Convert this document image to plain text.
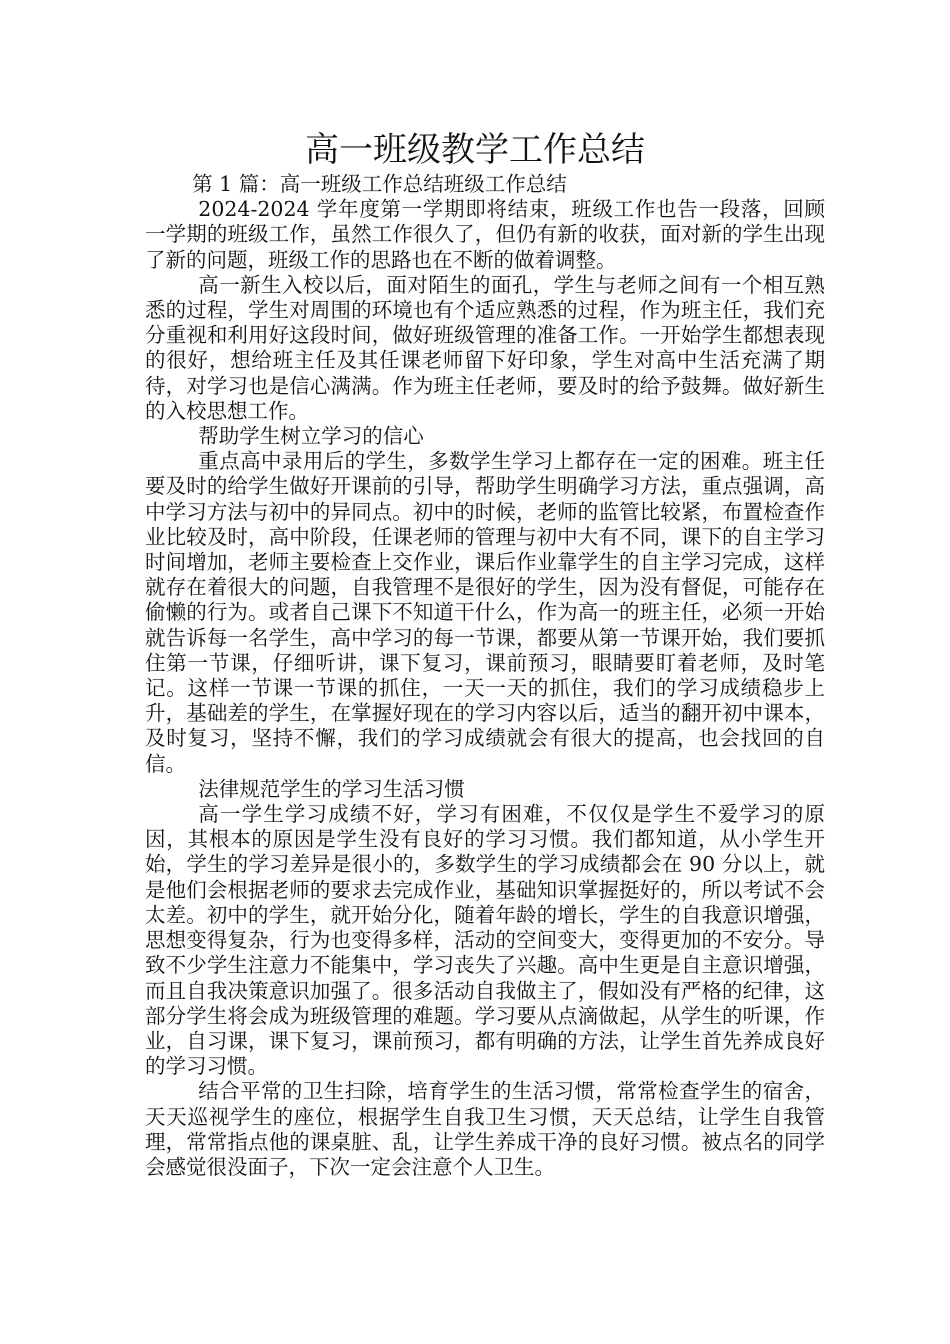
高一班级教学工作总结

第 1 篇：高一班级工作总结班级工作总结

2024-2024 学年度第一学期即将结束，班级工作也告一段落，回顾一学期的班级工作，虽然工作很久了，但仍有新的收获，面对新的学生出现了新的问题，班级工作的思路也在不断的做着调整。

高一新生入校以后，面对陌生的面孔，学生与老师之间有一个相互熟悉的过程，学生对周围的环境也有个适应熟悉的过程，作为班主任，我们充分重视和利用好这段时间，做好班级管理的准备工作。一开始学生都想表现的很好，想给班主任及其任课老师留下好印象，学生对高中生活充满了期待，对学习也是信心满满。作为班主任老师，要及时的给予鼓舞。做好新生的入校思想工作。

帮助学生树立学习的信心

重点高中录用后的学生，多数学生学习上都存在一定的困难。班主任要及时的给学生做好开课前的引导，帮助学生明确学习方法，重点强调，高中学习方法与初中的异同点。初中的时候，老师的监管比较紧，布置检查作业比较及时，高中阶段，任课老师的管理与初中大有不同，课下的自主学习时间增加，老师主要检查上交作业，课后作业靠学生的自主学习完成，这样就存在着很大的问题，自我管理不是很好的学生，因为没有督促，可能存在偷懒的行为。或者自己课下不知道干什么，作为高一的班主任，必须一开始就告诉每一名学生，高中学习的每一节课，都要从第一节课开始，我们要抓住第一节课，仔细听讲，课下复习，课前预习，眼睛要盯着老师，及时笔记。这样一节课一节课的抓住，一天一天的抓住，我们的学习成绩稳步上升，基础差的学生，在掌握好现在的学习内容以后，适当的翻开初中课本，及时复习，坚持不懈，我们的学习成绩就会有很大的提高，也会找回的自信。

法律规范学生的学习生活习惯

高一学生学习成绩不好，学习有困难，不仅仅是学生不爱学习的原因，其根本的原因是学生没有良好的学习习惯。我们都知道，从小学生开始，学生的学习差异是很小的，多数学生的学习成绩都会在 90 分以上，就是他们会根据老师的要求去完成作业，基础知识掌握挺好的，所以考试不会太差。初中的学生，就开始分化，随着年龄的增长，学生的自我意识增强，思想变得复杂，行为也变得多样，活动的空间变大，变得更加的不安分。导致不少学生注意力不能集中，学习丧失了兴趣。高中生更是自主意识增强，而且自我决策意识加强了。很多活动自我做主了，假如没有严格的纪律，这部分学生将会成为班级管理的难题。学习要从点滴做起，从学生的听课，作业，自习课，课下复习，课前预习，都有明确的方法，让学生首先养成良好的学习习惯。

结合平常的卫生扫除，培育学生的生活习惯，常常检查学生的宿舍，天天巡视学生的座位，根据学生自我卫生习惯，天天总结，让学生自我管理，常常指点他的课桌脏、乱，让学生养成干净的良好习惯。被点名的同学会感觉很没面子，下次一定会注意个人卫生。
